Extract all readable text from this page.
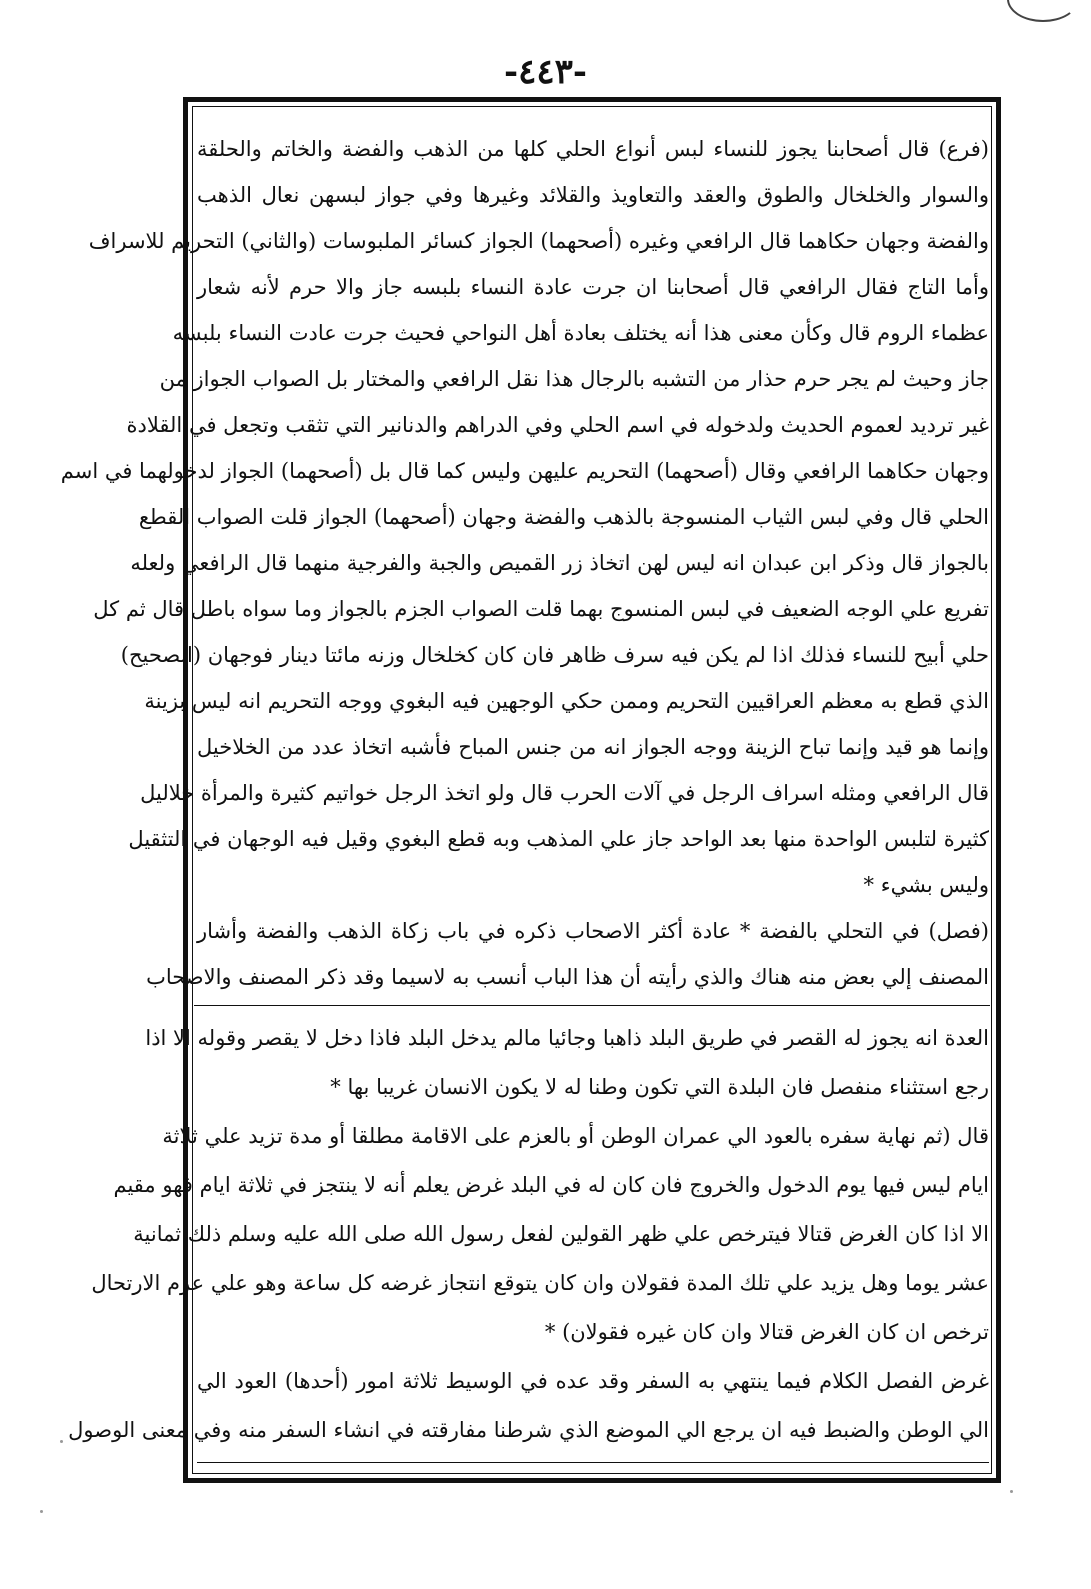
-٤٤٣-
(فرع) قال أصحابنا يجوز للنساء لبس أنواع الحلي كلها من الذهب والفضة والخاتم والحلقة
والسوار والخلخال والطوق والعقد والتعاويذ والقلائد وغيرها وفي جواز لبسهن نعال الذهب
والفضة وجهان حكاهما قال الرافعي وغيره (أصحهما) الجواز كسائر الملبوسات (والثاني) التحريم للاسراف
وأما التاج فقال الرافعي قال أصحابنا ان جرت عادة النساء بلبسه جاز والا حرم لأنه شعار
عظماء الروم قال وكأن معنى هذا أنه يختلف بعادة أهل النواحي فحيث جرت عادت النساء بلبسه
جاز وحيث لم يجر حرم حذار من التشبه بالرجال هذا نقل الرافعي والمختار بل الصواب الجواز من
غير ترديد لعموم الحديث ولدخوله في اسم الحلي وفي الدراهم والدنانير التي تثقب وتجعل في القلادة
وجهان حكاهما الرافعي وقال (أصحهما) التحريم عليهن وليس كما قال بل (أصحهما) الجواز لدخولهما في اسم
الحلي قال وفي لبس الثياب المنسوجة بالذهب والفضة وجهان (أصحهما) الجواز قلت الصواب القطع
بالجواز قال وذكر ابن عبدان انه ليس لهن اتخاذ زر القميص والجبة والفرجية منهما قال الرافعي ولعله
تفريع علي الوجه الضعيف في لبس المنسوج بهما قلت الصواب الجزم بالجواز وما سواه باطل قال ثم كل
حلي أبيح للنساء فذلك اذا لم يكن فيه سرف ظاهر فان كان كخلخال وزنه مائتا دينار فوجهان (الصحيح)
الذي قطع به معظم العراقيين التحريم وممن حكي الوجهين فيه البغوي ووجه التحريم انه ليس بزينة
وإنما هو قيد وإنما تباح الزينة ووجه الجواز انه من جنس المباح فأشبه اتخاذ عدد من الخلاخيل
قال الرافعي ومثله اسراف الرجل في آلات الحرب قال ولو اتخذ الرجل خواتيم كثيرة والمرأة خلاليل
كثيرة لتلبس الواحدة منها بعد الواحد جاز علي المذهب وبه قطع البغوي وقيل فيه الوجهان في التثقيل
وليس بشيء *
(فصل) في التحلي بالفضة * عادة أكثر الاصحاب ذكره في باب زكاة الذهب والفضة وأشار
المصنف إلي بعض منه هناك والذي رأيته أن هذا الباب أنسب به لاسيما وقد ذكر المصنف والاصحاب
العدة انه يجوز له القصر في طريق البلد ذاهبا وجائيا مالم يدخل البلد فاذا دخل لا يقصر وقوله الا اذا
رجع استثناء منفصل فان البلدة التي تكون وطنا له لا يكون الانسان غريبا بها *
قال (ثم نهاية سفره بالعود الي عمران الوطن أو بالعزم على الاقامة مطلقا أو مدة تزيد علي ثلاثة
ايام ليس فيها يوم الدخول والخروج فان كان له في البلد غرض يعلم أنه لا ينتجز في ثلاثة ايام فهو مقيم
الا اذا كان الغرض قتالا فيترخص علي ظهر القولين لفعل رسول الله صلى الله عليه وسلم ذلك ثمانية
عشر يوما وهل يزيد علي تلك المدة فقولان وان كان يتوقع انتجاز غرضه كل ساعة وهو علي عزم الارتحال
ترخص ان كان الغرض قتالا وان كان غيره فقولان) *
غرض الفصل الكلام فيما ينتهي به السفر وقد عده في الوسيط ثلاثة امور (أحدها) العود الي
الي الوطن والضبط فيه ان يرجع الي الموضع الذي شرطنا مفارقته في انشاء السفر منه وفي معنى الوصول
